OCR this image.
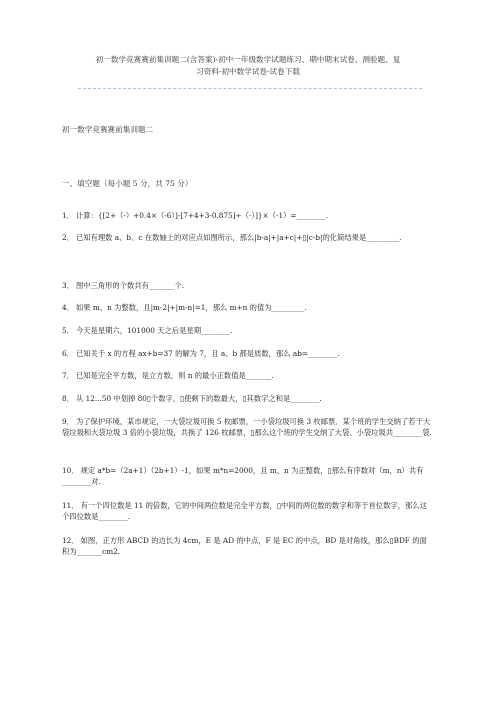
初一数学竞赛赛前集训题二(含答案)-初中一年级数学试题练习、期中期末试卷、测验题、复
习资料-初中数学试卷-试卷下载
初一数学竞赛赛前集训题二
一、填空题（每小题 5 分，共 75 分）

1． 计算：{[2+（-）+0.4×（-6）]-[7+4+3-0.875]÷（-）]}×（-1）=________.

2． 已知有理数 a、b、c 在数轴上的对应点如图所示，那么|b-a|+|a+c|+▯|c-b|的化简结果是_________.

3． 图中三角形的个数共有_______个.

4． 如果 m、n 为整数，且|m-2|+|m-n|=1，那么 m+n 的值为_________.

5． 今天是星期六，101000 天之后是星期________.

6． 已知关于 x 的方程 ax+b=37 的解为 7，且 a、b 都是质数，那么 ab=________.

7． 已知是完全平方数，是立方数，则 n 的最小正数值是_______.

8． 从 12...50 中划掉 80▯个数字，▯使剩下的数最大，▯其数字之和是________.

9． 为了保护环境，某市规定，一大袋垃圾可换 5 枚邮票，一小袋垃圾可换 3 枚邮票．某个班的学生交纳了若干大袋垃圾和大袋垃圾 3 倍的小袋垃圾，共换了 126 枚邮票，▯那么这个班的学生交纳了大袋、小袋垃圾共________袋.

10． 规定 a*b=（2a+1）（2b+1）-1，如果 m*n=2000，且 m、n 为正整数，▯那么有序数对（m，n）共有________对.

11． 有一个四位数是 11 的倍数，它的中间两位数是完全平方数，▯中间的两位数的数字和等于首位数字，那么这个四位数是________.

12． 如图，正方形 ABCD 的边长为 4cm，E 是 AD 的中点，F 是 EC 的中点，BD 是对角线，那么▯BDF 的面积为_______cm2.
